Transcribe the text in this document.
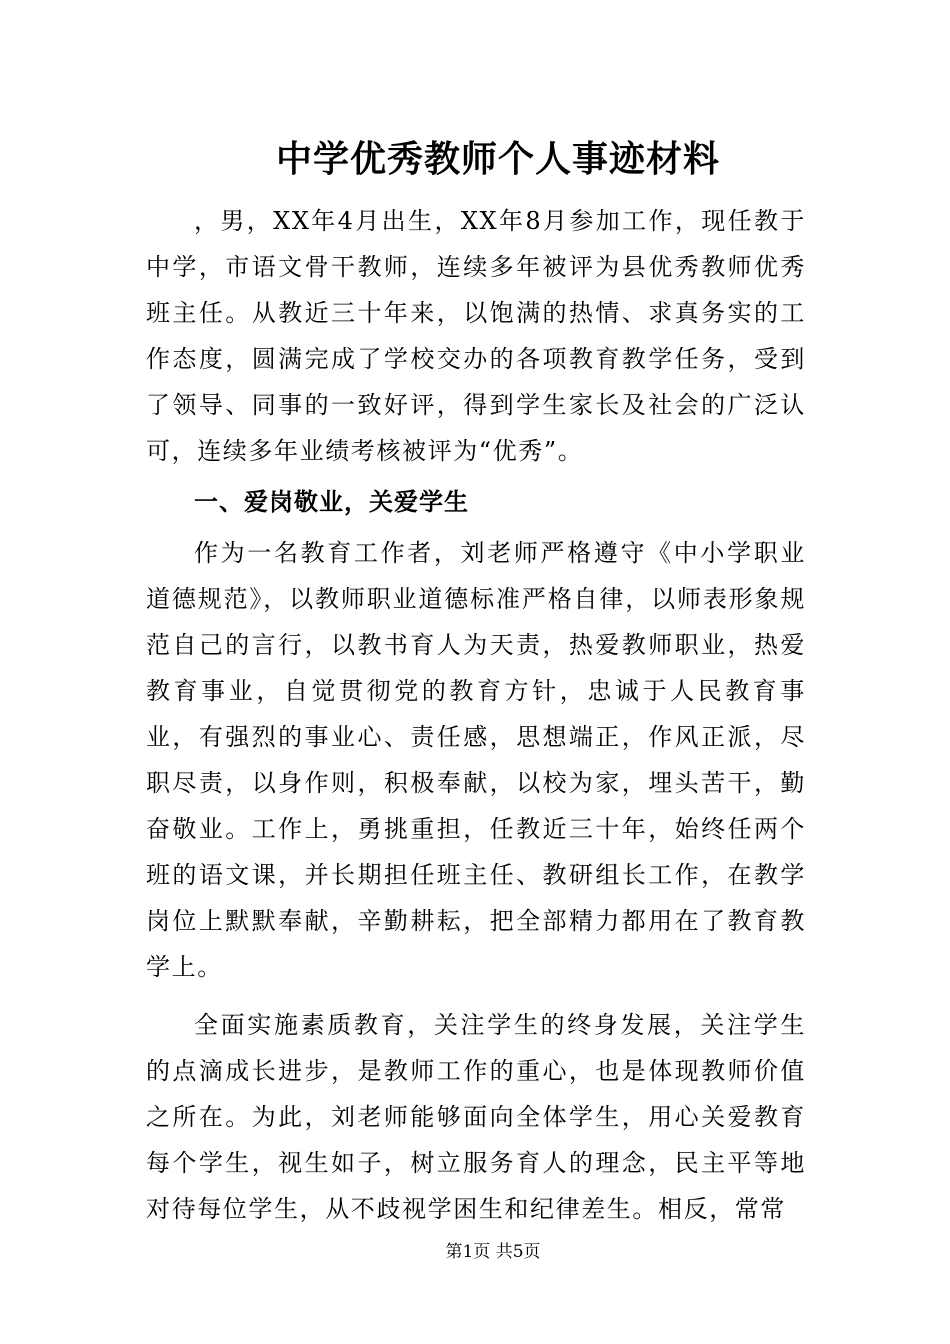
中学优秀教师个人事迹材料

，男，XX年4月出生，XX年8月参加工作，现任教于中学，市语文骨干教师，连续多年被评为县优秀教师优秀班主任。从教近三十年来，以饱满的热情、求真务实的工作态度，圆满完成了学校交办的各项教育教学任务，受到了领导、同事的一致好评，得到学生家长及社会的广泛认可，连续多年业绩考核被评为“优秀”。

一、爱岗敬业，关爱学生

作为一名教育工作者，刘老师严格遵守《中小学职业道德规范》，以教师职业道德标准严格自律，以师表形象规范自己的言行，以教书育人为天责，热爱教师职业，热爱教育事业，自觉贯彻党的教育方针，忠诚于人民教育事业，有强烈的事业心、责任感，思想端正，作风正派，尽职尽责，以身作则，积极奉献，以校为家，埋头苦干，勤奋敬业。工作上，勇挑重担，任教近三十年，始终任两个班的语文课，并长期担任班主任、教研组长工作，在教学岗位上默默奉献，辛勤耕耘，把全部精力都用在了教育教学上。

全面实施素质教育，关注学生的终身发展，关注学生的点滴成长进步，是教师工作的重心，也是体现教师价值之所在。为此，刘老师能够面向全体学生，用心关爱教育每个学生，视生如子，树立服务育人的理念，民主平等地对待每位学生，从不歧视学困生和纪律差生。相反，常常

第1页 共5页
